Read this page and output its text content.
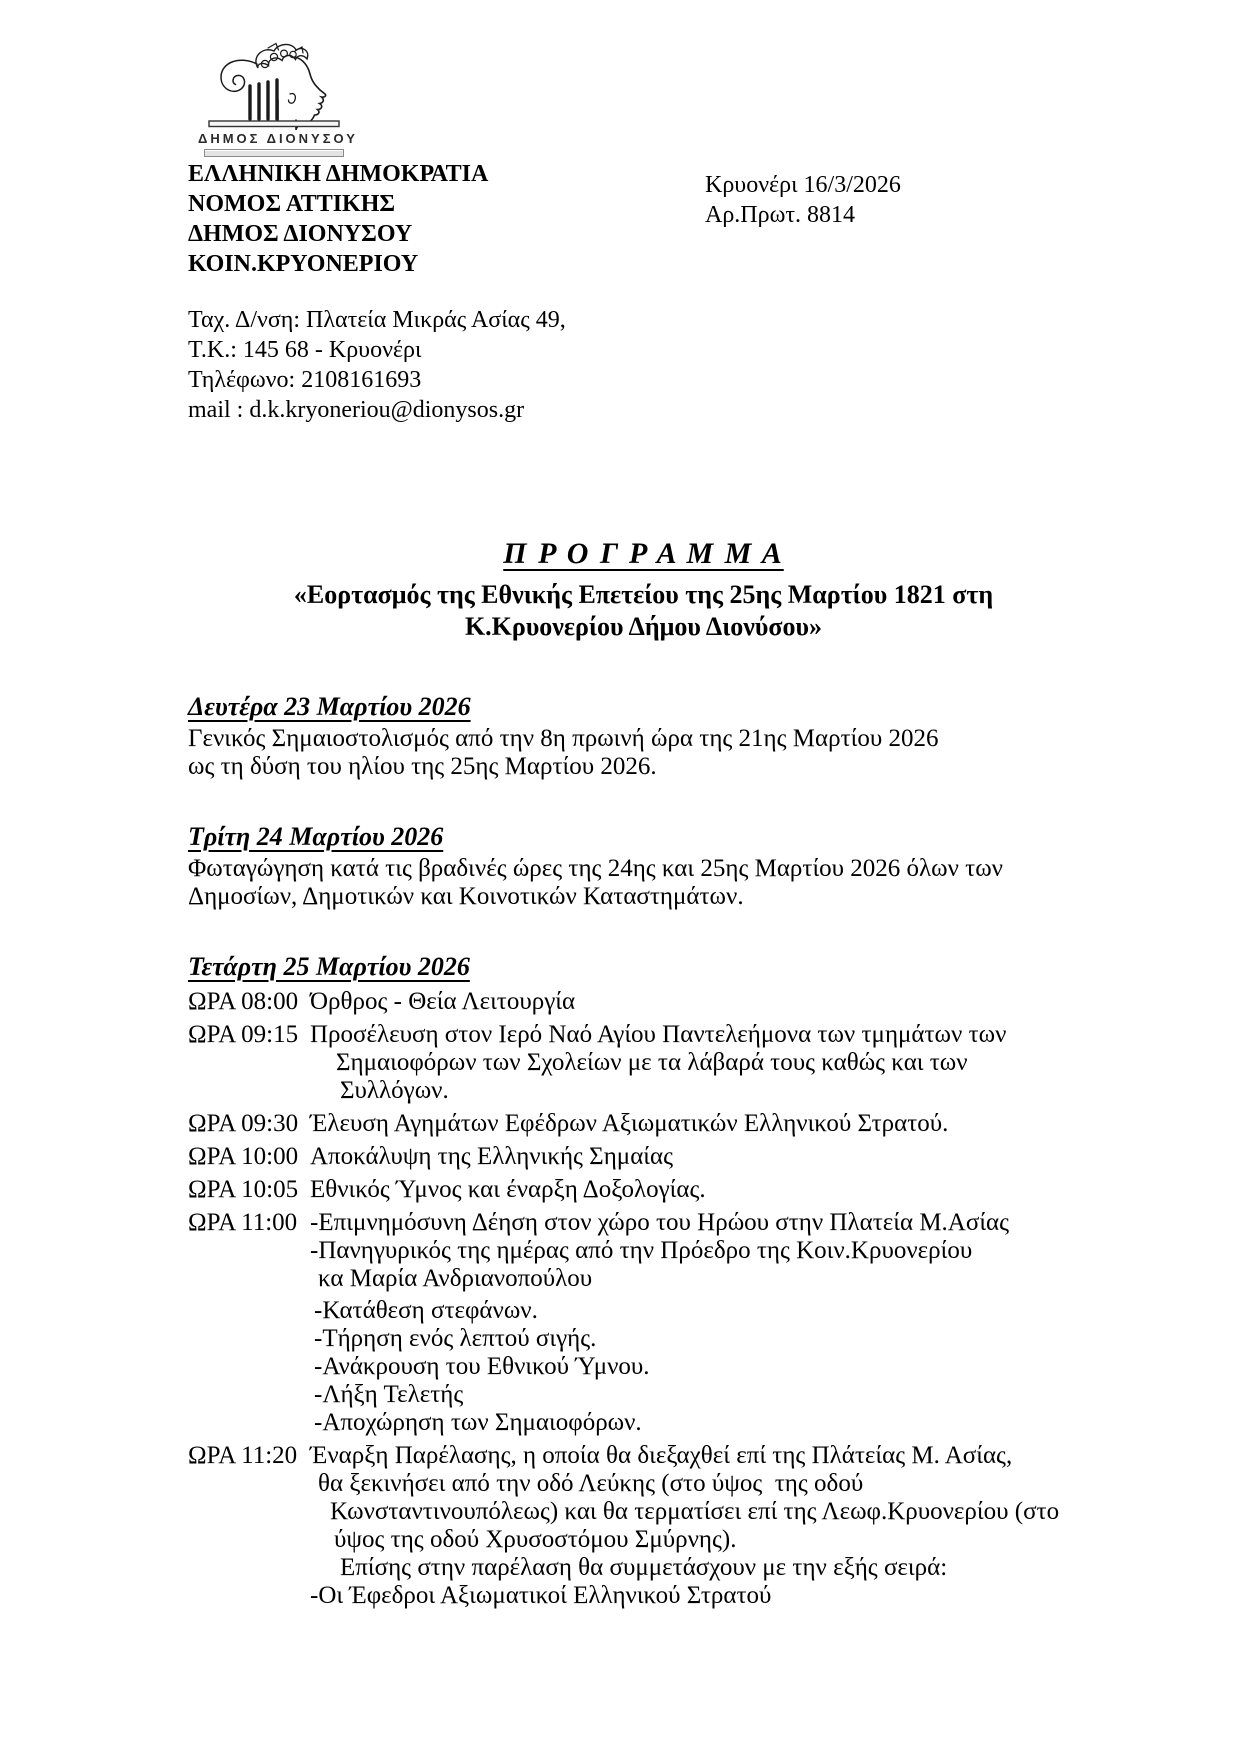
ΔΗΜΟΣ ΔΙΟΝΥΣΟΥ
ΕΛΛΗΝΙΚΗ ΔΗΜΟΚΡΑΤΙΑ
ΝΟΜΟΣ ΑΤΤΙΚΗΣ
ΔΗΜΟΣ ΔΙΟΝΥΣΟΥ
ΚΟΙΝ.ΚΡΥΟΝΕΡΙΟΥ
Ταχ. Δ/νση: Πλατεία Μικράς Ασίας 49,
Τ.Κ.: 145 68 - Κρυονέρι
Τηλέφωνο: 2108161693
mail : d.k.kryoneriou@dionysos.gr
Π Ρ Ο Γ Ρ Α Μ Μ Α
«Εορτασμός της Εθνικής Επετείου της 25ης Μαρτίου 1821 στη
Κ.Κρυονερίου Δήμου Διονύσου»
Δευτέρα 23 Μαρτίου 2026
Γενικός Σημαιοστολισμός από την 8η πρωινή ώρα της 21ης Μαρτίου 2026
ως τη δύση του ηλίου της 25ης Μαρτίου 2026.
Τρίτη 24 Μαρτίου 2026
Φωταγώγηση κατά τις βραδινές ώρες της 24ης και 25ης Μαρτίου 2026 όλων των
Δημοσίων, Δημοτικών και Κοινοτικών Καταστημάτων.
Τετάρτη 25 Μαρτίου 2026
ΩΡΑ 08:00 Όρθρος - Θεία Λειτουργία
ΩΡΑ 09:15 Προσέλευση στον Ιερό Ναό Αγίου Παντελεήμονα των τμημάτων των
Σημαιοφόρων των Σχολείων με τα λάβαρά τους καθώς και των
Συλλόγων.
ΩΡΑ 09:30 Έλευση Αγημάτων Εφέδρων Αξιωματικών Ελληνικού Στρατού.
ΩΡΑ 10:00 Αποκάλυψη της Ελληνικής Σημαίας
ΩΡΑ 10:05 Εθνικός Ύμνος και έναρξη Δοξολογίας.
ΩΡΑ 11:00 -Επιμνημόσυνη Δέηση στον χώρο του Ηρώου στην Πλατεία Μ.Ασίας
-Πανηγυρικός της ημέρας από την Πρόεδρο της Κοιν.Κρυονερίου
κα Μαρία Ανδριανοπούλου
-Κατάθεση στεφάνων.
-Τήρηση ενός λεπτού σιγής.
-Ανάκρουση του Εθνικού Ύμνου.
-Λήξη Τελετής
-Αποχώρηση των Σημαιοφόρων.
ΩΡΑ 11:20 Έναρξη Παρέλασης, η οποία θα διεξαχθεί επί της Πλάτείας Μ. Ασίας,
θα ξεκινήσει από την οδό Λεύκης (στο ύψος  της οδού
Κωνσταντινουπόλεως) και θα τερματίσει επί της Λεωφ.Κρυονερίου (στο
ύψος της οδού Χρυσοστόμου Σμύρνης).
Επίσης στην παρέλαση θα συμμετάσχουν με την εξής σειρά:
-Οι Έφεδροι Αξιωματικοί Ελληνικού Στρατού
Κρυονέρι 16/3/2026
Αρ.Πρωτ. 8814
